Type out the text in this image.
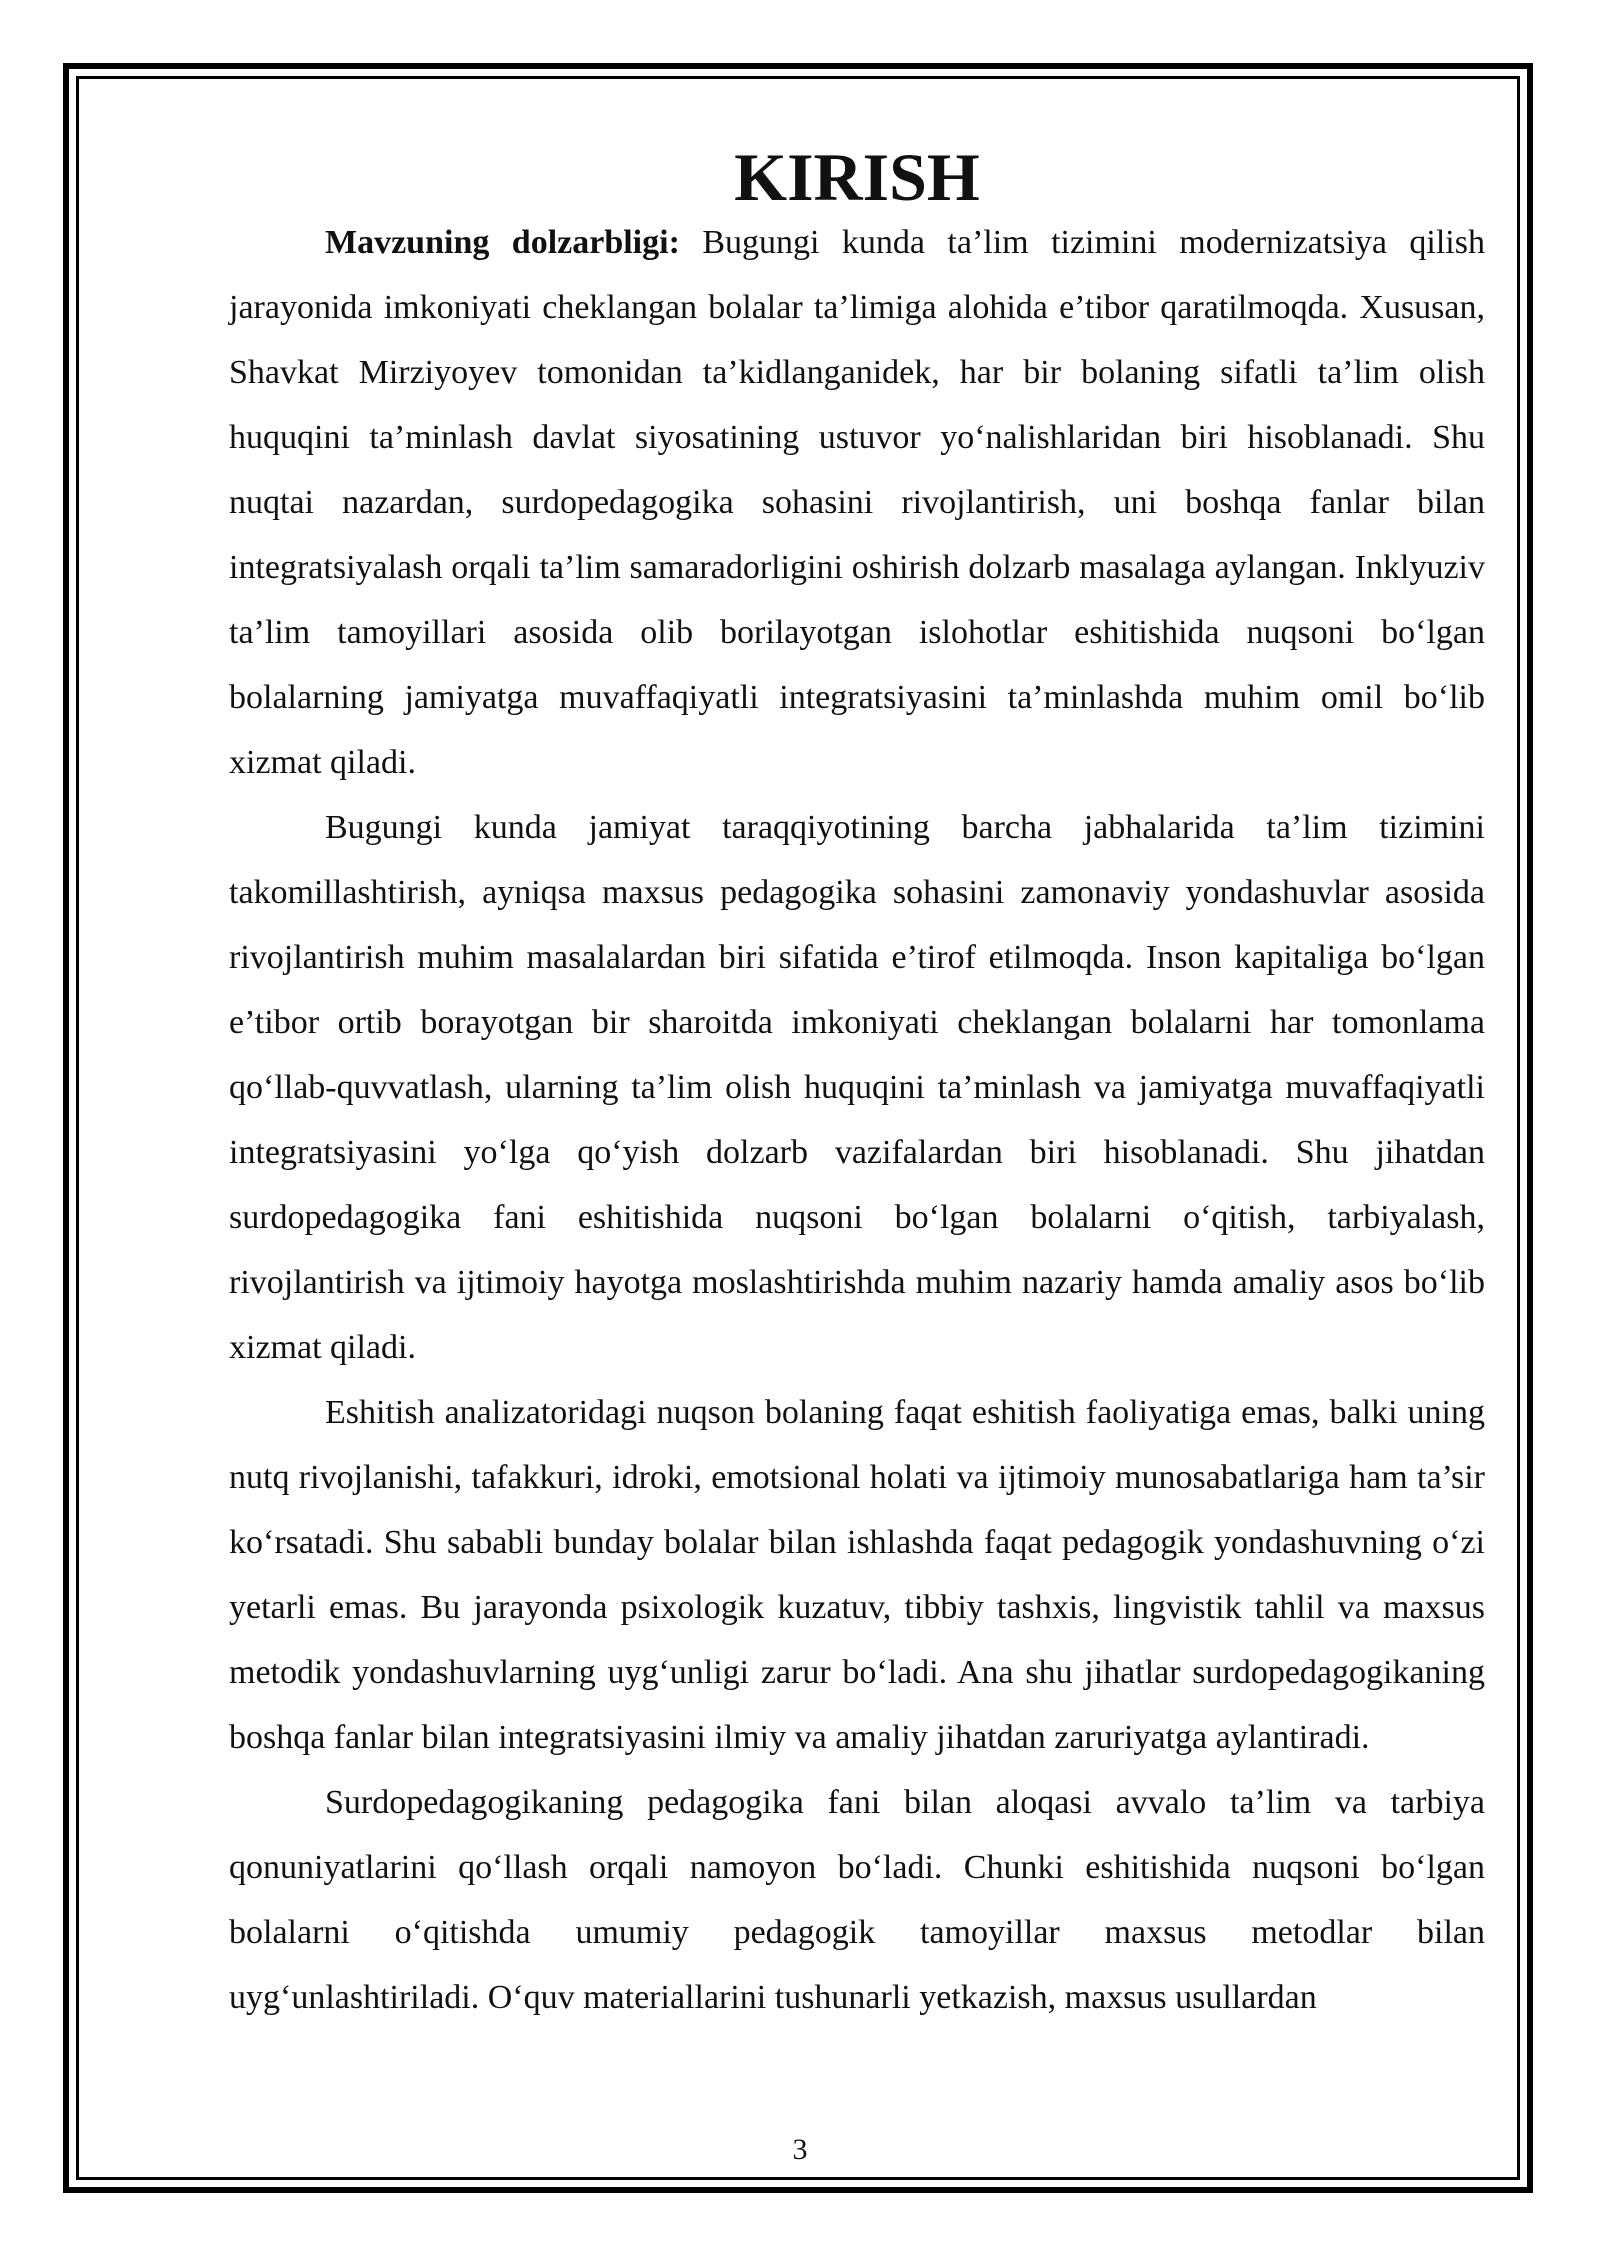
KIRISH

Mavzuning dolzarbligi: Bugungi kunda ta’lim tizimini modernizatsiya qilish jarayonida imkoniyati cheklangan bolalar ta’limiga alohida e’tibor qaratilmoqda. Xususan, Shavkat Mirziyoyev tomonidan ta’kidlanganidek, har bir bolaning sifatli ta’lim olish huquqini ta’minlash davlat siyosatining ustuvor yo‘nalishlaridan biri hisoblanadi. Shu nuqtai nazardan, surdopedagogika sohasini rivojlantirish, uni boshqa fanlar bilan integratsiyalash orqali ta’lim samaradorligini oshirish dolzarb masalaga aylangan. Inklyuziv ta’lim tamoyillari asosida olib borilayotgan islohotlar eshitishida nuqsoni bo‘lgan bolalarning jamiyatga muvaffaqiyatli integratsiyasini ta’minlashda muhim omil bo‘lib xizmat qiladi.

Bugungi kunda jamiyat taraqqiyotining barcha jabhalarida ta’lim tizimini takomillashtirish, ayniqsa maxsus pedagogika sohasini zamonaviy yondashuvlar asosida rivojlantirish muhim masalalardan biri sifatida e’tirof etilmoqda. Inson kapitaliga bo‘lgan e’tibor ortib borayotgan bir sharoitda imkoniyati cheklangan bolalarni har tomonlama qo‘llab-quvvatlash, ularning ta’lim olish huquqini ta’minlash va jamiyatga muvaffaqiyatli integratsiyasini yo‘lga qo‘yish dolzarb vazifalardan biri hisoblanadi. Shu jihatdan surdopedagogika fani eshitishida nuqsoni bo‘lgan bolalarni o‘qitish, tarbiyalash, rivojlantirish va ijtimoiy hayotga moslashtirishda muhim nazariy hamda amaliy asos bo‘lib xizmat qiladi.

Eshitish analizatoridagi nuqson bolaning faqat eshitish faoliyatiga emas, balki uning nutq rivojlanishi, tafakkuri, idroki, emotsional holati va ijtimoiy munosabatlariga ham ta’sir ko‘rsatadi. Shu sababli bunday bolalar bilan ishlashda faqat pedagogik yondashuvning o‘zi yetarli emas. Bu jarayonda psixologik kuzatuv, tibbiy tashxis, lingvistik tahlil va maxsus metodik yondashuvlarning uyg‘unligi zarur bo‘ladi. Ana shu jihatlar surdopedagogikaning boshqa fanlar bilan integratsiyasini ilmiy va amaliy jihatdan zaruriyatga aylantiradi.

Surdopedagogikaning pedagogika fani bilan aloqasi avvalo ta’lim va tarbiya qonuniyatlarini qo‘llash orqali namoyon bo‘ladi. Chunki eshitishida nuqsoni bo‘lgan bolalarni o‘qitishda umumiy pedagogik tamoyillar maxsus metodlar bilan uyg‘unlashtiriladi. O‘quv materiallarini tushunarli yetkazish, maxsus usullardan

3
